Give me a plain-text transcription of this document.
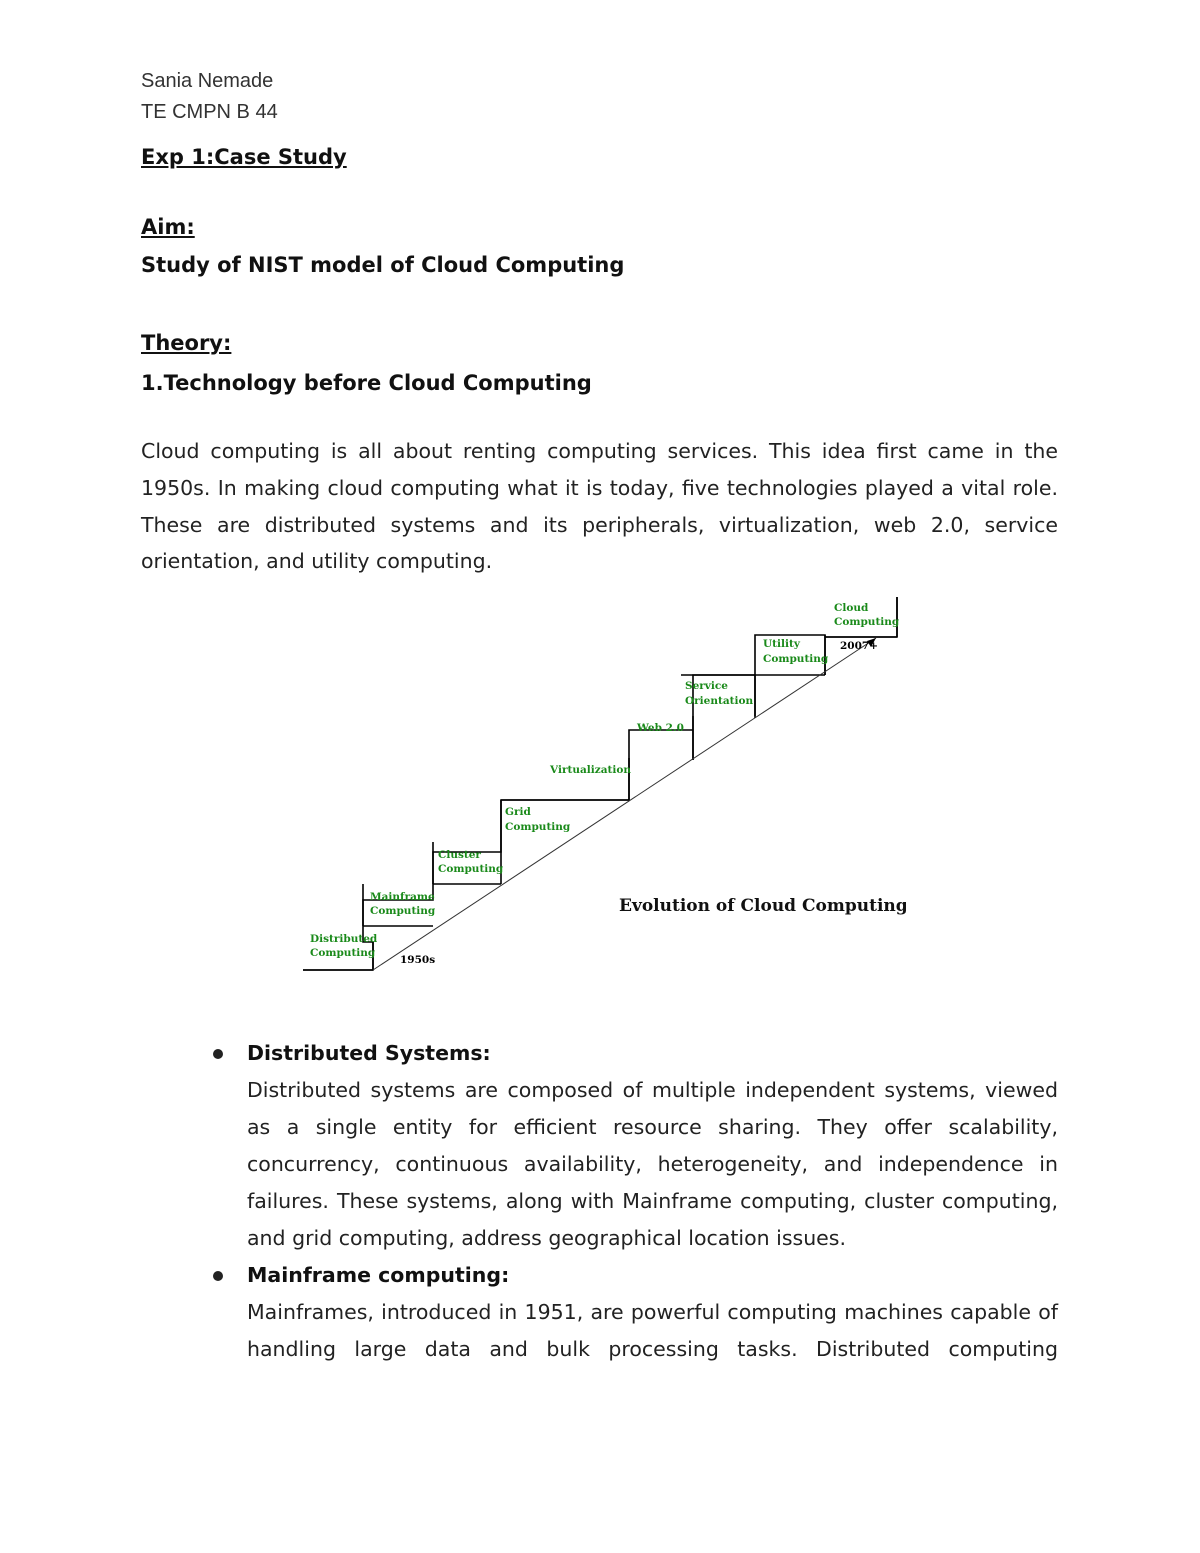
Sania Nemade
TE CMPN B 44
Exp 1:Case Study
Aim:
Study of NIST model of Cloud Computing
Theory:
1.Technology before Cloud Computing
Cloud computing is all about renting computing services. This idea first came in the 1950s. In making cloud computing what it is today, five technologies played a vital role. These are distributed systems and its peripherals, virtualization, web 2.0, service orientation, and utility computing.
Distributed
Computing
Mainframe
Computing
Cluster
Computing
Grid
Computing
Virtualization
Web 2.0
Service
Orientation
Utility
Computing
Cloud
Computing
1950s
2007+
Evolution of Cloud Computing
Distributed Systems:
Distributed systems are composed of multiple independent systems, viewed as a single entity for efficient resource sharing. They offer scalability, concurrency, continuous availability, heterogeneity, and independence in failures. These systems, along with Mainframe computing, cluster computing, and grid computing, address geographical location issues.
Mainframe computing:
Mainframes, introduced in 1951, are powerful computing machines capable of handling large data and bulk processing tasks. Distributed computing
